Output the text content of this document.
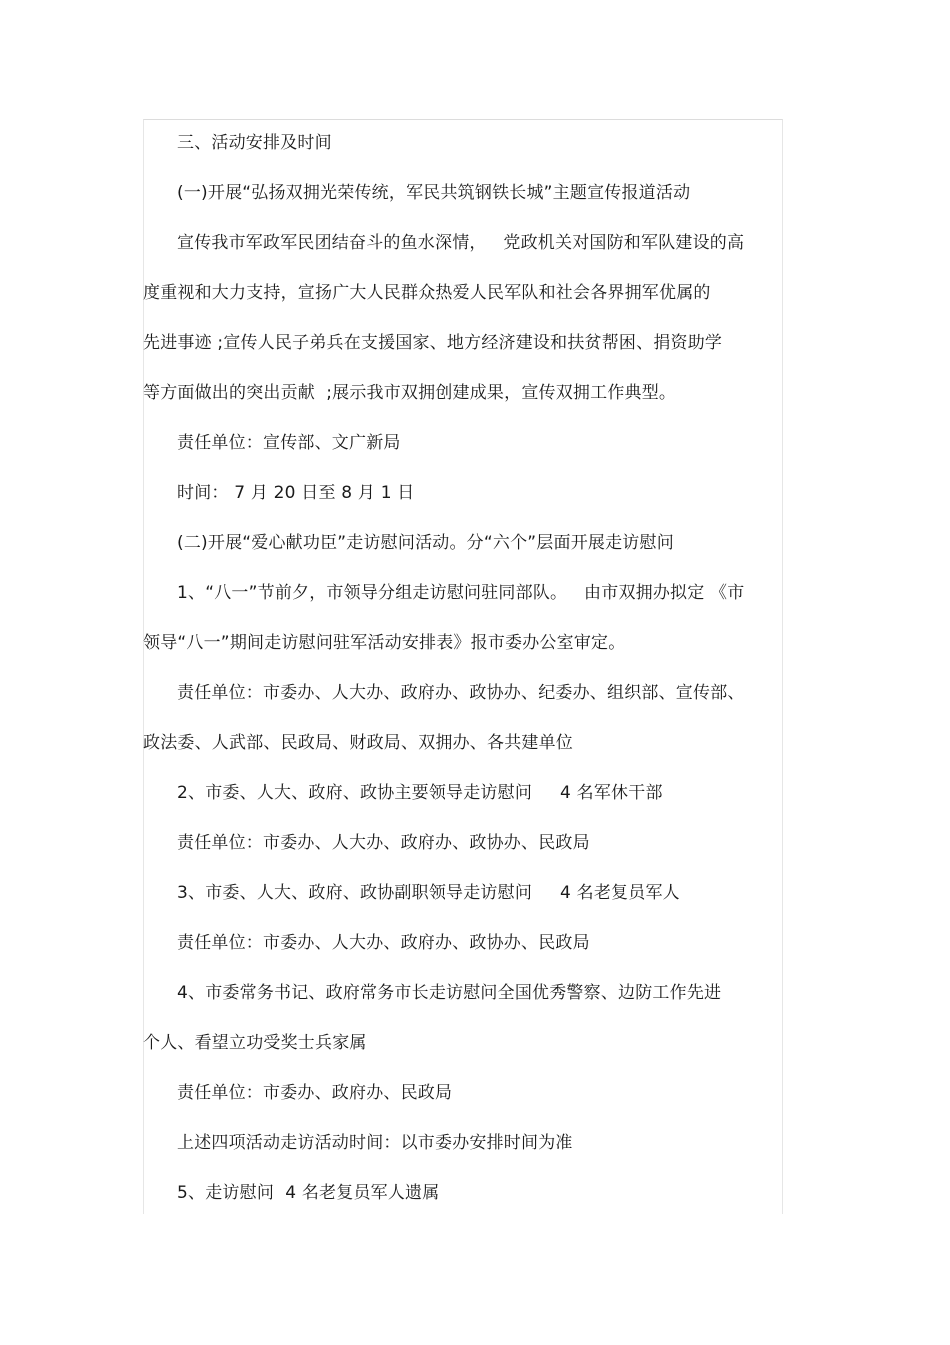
三、活动安排及时间
(一)开展“弘扬双拥光荣传统，军民共筑钢铁长城”主题宣传报道活动
宣传我市军政军民团结奋斗的鱼水深情，   党政机关对国防和军队建设的高
度重视和大力支持，宣扬广大人民群众热爱人民军队和社会各界拥军优属的
先进事迹 ;宣传人民子弟兵在支援国家、地方经济建设和扶贫帮困、捐资助学
等方面做出的突出贡献  ;展示我市双拥创建成果，宣传双拥工作典型。
责任单位：宣传部、文广新局
时间： 7 月 20 日至 8 月 1 日
(二)开展“爱心献功臣”走访慰问活动。分“六个”层面开展走访慰问
1、“八一”节前夕，市领导分组走访慰问驻同部队。   由市双拥办拟定 《市
领导“八一”期间走访慰问驻军活动安排表》报市委办公室审定。
责任单位：市委办、人大办、政府办、政协办、纪委办、组织部、宣传部、
政法委、人武部、民政局、财政局、双拥办、各共建单位
2、市委、人大、政府、政协主要领导走访慰问     4 名军休干部
责任单位：市委办、人大办、政府办、政协办、民政局
3、市委、人大、政府、政协副职领导走访慰问     4 名老复员军人
责任单位：市委办、人大办、政府办、政协办、民政局
4、市委常务书记、政府常务市长走访慰问全国优秀警察、边防工作先进
个人、看望立功受奖士兵家属
责任单位：市委办、政府办、民政局
上述四项活动走访活动时间：以市委办安排时间为准
5、走访慰问  4 名老复员军人遗属
